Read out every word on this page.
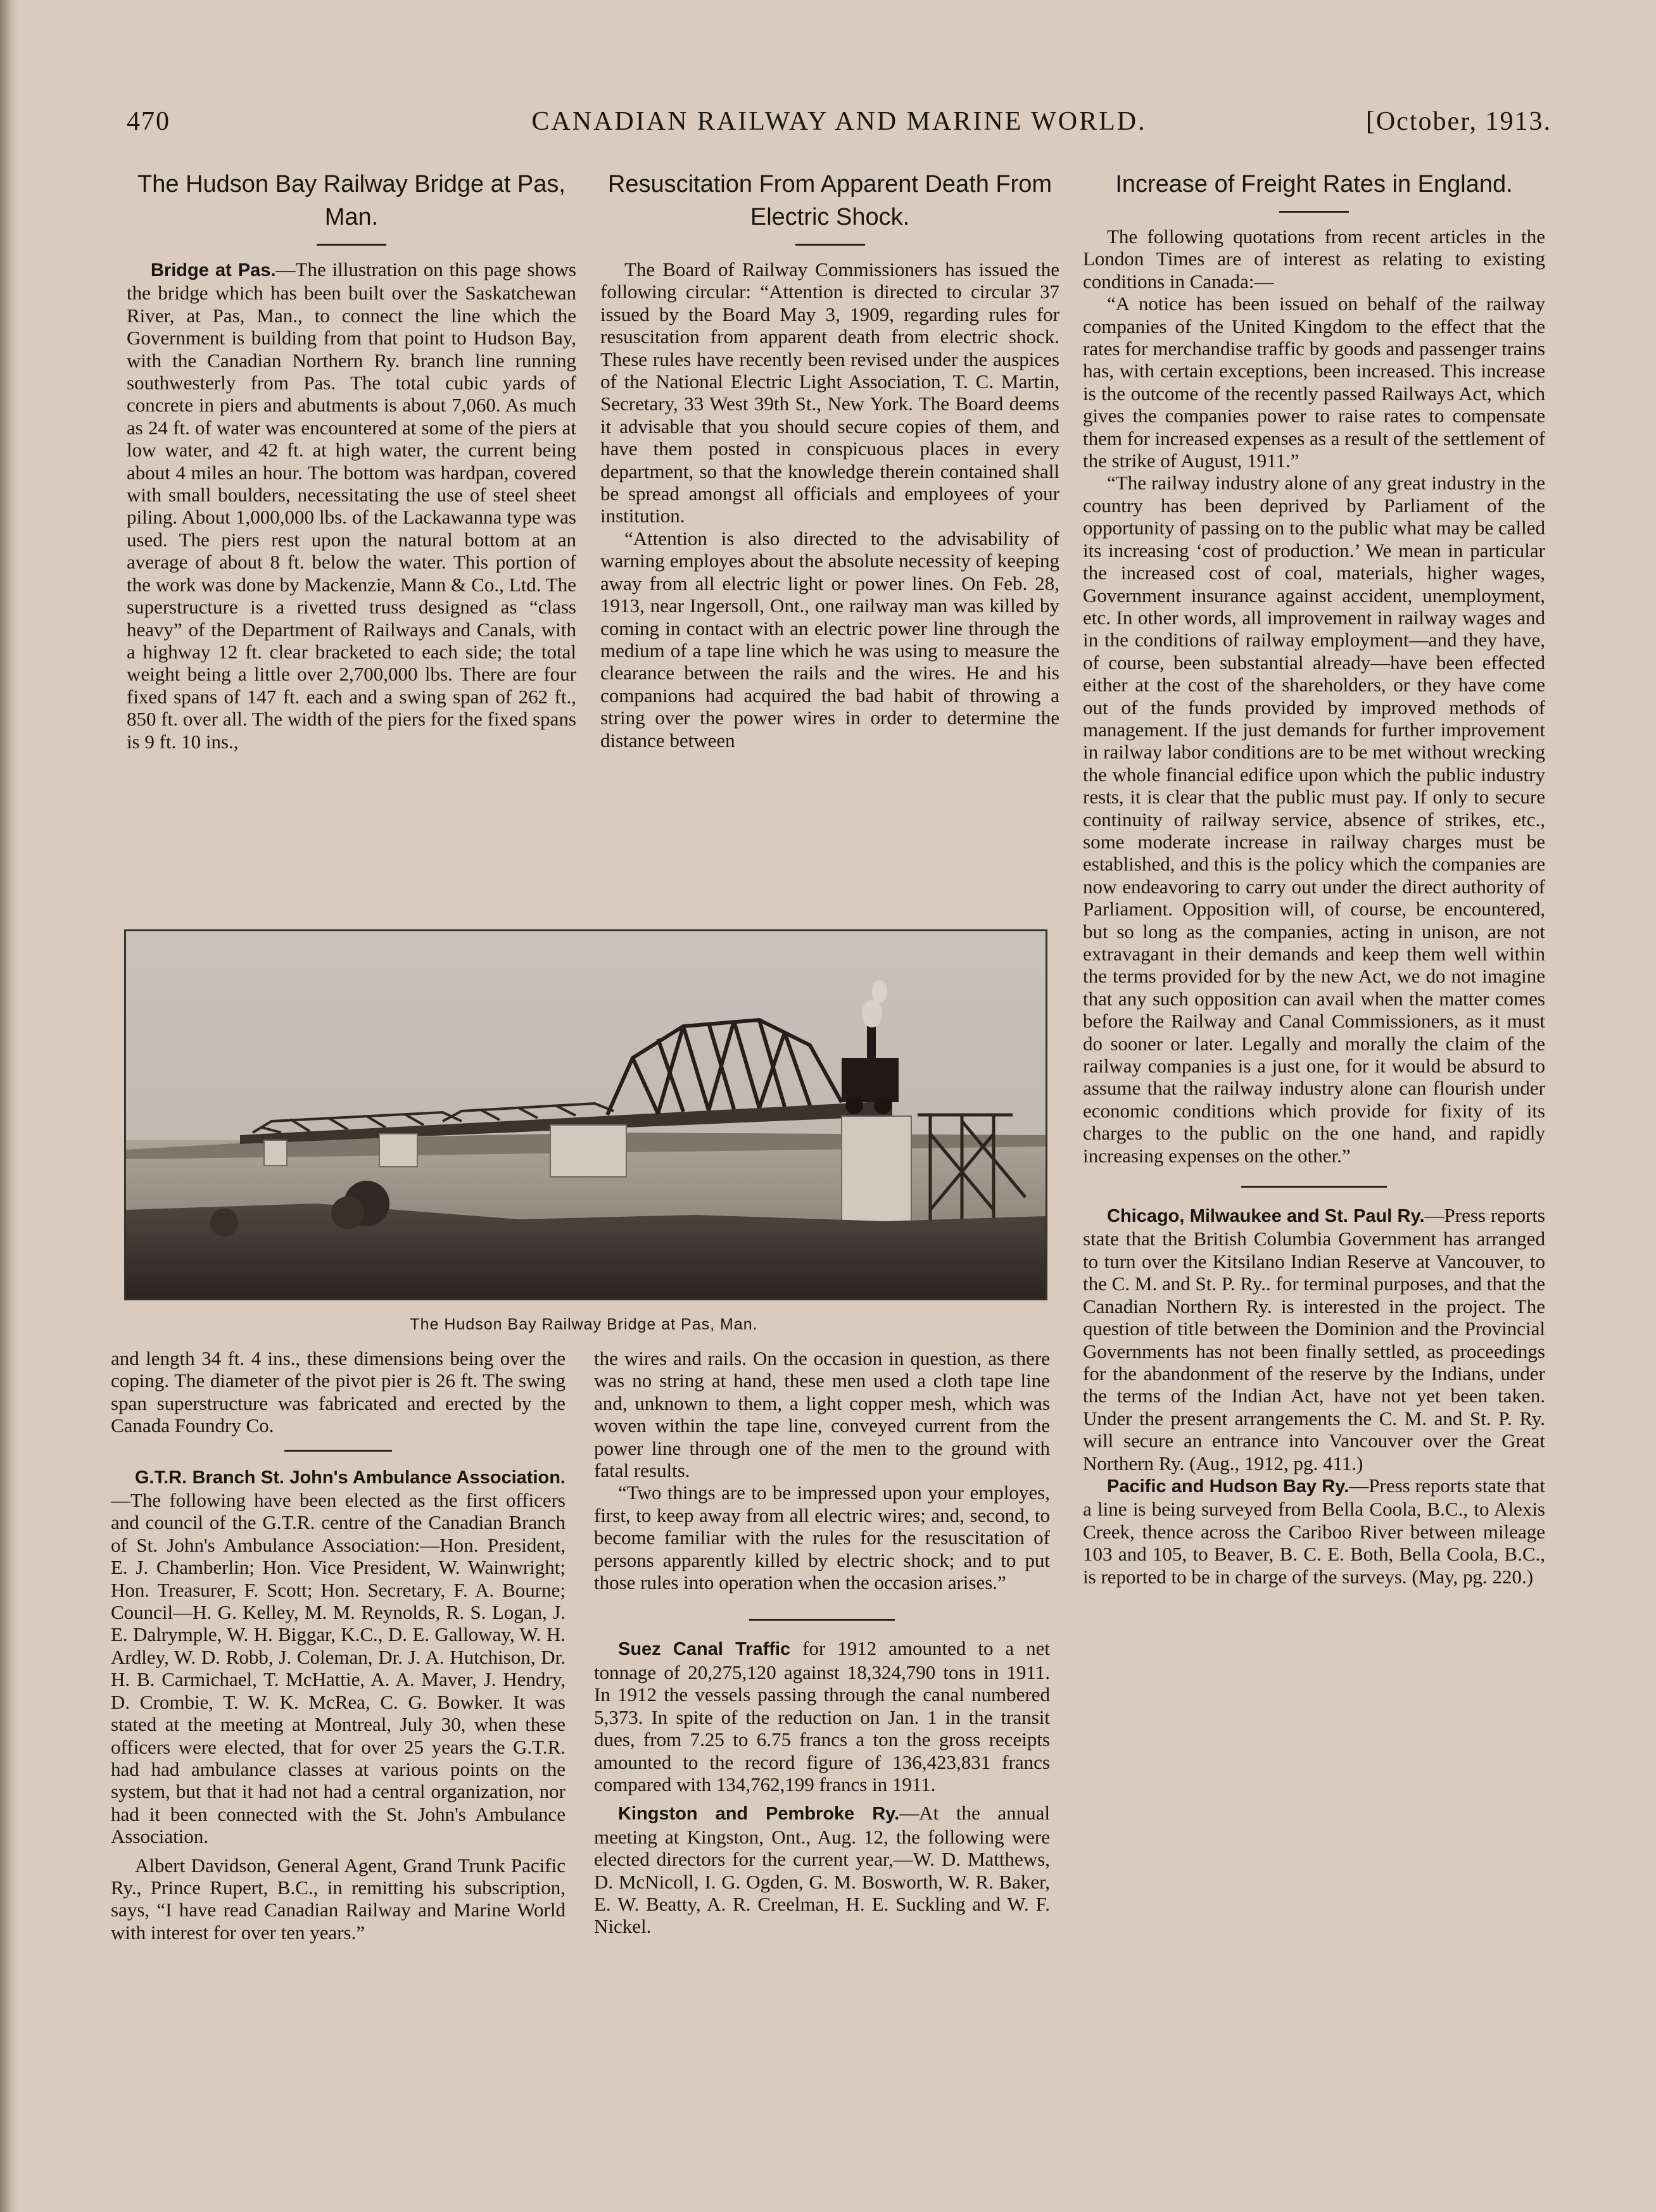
470	CANADIAN RAILWAY AND MARINE WORLD.	[October, 1913.
The Hudson Bay Railway Bridge at Pas, Man.

Bridge at Pas.—The illustration on this page shows the bridge which has been built over the Saskatchewan River, at Pas, Man., to connect the line which the Government is building from that point to Hudson Bay, with the Canadian Northern Ry. branch line running southwesterly from Pas. The total cubic yards of concrete in piers and abutments is about 7,060. As much as 24 ft. of water was encountered at some of the piers at low water, and 42 ft. at high water, the current being about 4 miles an hour. The bottom was hardpan, covered with small boulders, necessitating the use of steel sheet piling. About 1,000,000 lbs. of the Lackawanna type was used. The piers rest upon the natural bottom at an average of about 8 ft. below the water. This portion of the work was done by Mackenzie, Mann & Co., Ltd. The superstructure is a rivetted truss designed as “class heavy” of the Department of Railways and Canals, with a highway 12 ft. clear bracketed to each side; the total weight being a little over 2,700,000 lbs. There are four fixed spans of 147 ft. each and a swing span of 262 ft., 850 ft. over all. The width of the piers for the fixed spans is 9 ft. 10 ins.,

Resuscitation From Apparent Death From Electric Shock.

The Board of Railway Commissioners has issued the following circular: “Attention is directed to circular 37 issued by the Board May 3, 1909, regarding rules for resuscitation from apparent death from electric shock. These rules have recently been revised under the auspices of the National Electric Light Association, T. C. Martin, Secretary, 33 West 39th St., New York. The Board deems it advisable that you should secure copies of them, and have them posted in conspicuous places in every department, so that the knowledge therein contained shall be spread amongst all officials and employees of your institution.

“Attention is also directed to the advisability of warning employes about the absolute necessity of keeping away from all electric light or power lines. On Feb. 28, 1913, near Ingersoll, Ont., one railway man was killed by coming in contact with an electric power line through the medium of a tape line which he was using to measure the clearance between the rails and the wires. He and his companions had acquired the bad habit of throwing a string over the power wires in order to determine the distance between

Increase of Freight Rates in England.

The following quotations from recent articles in the London Times are of interest as relating to existing conditions in Canada:—

“A notice has been issued on behalf of the railway companies of the United Kingdom to the effect that the rates for merchandise traffic by goods and passenger trains has, with certain exceptions, been increased. This increase is the outcome of the recently passed Railways Act, which gives the companies power to raise rates to compensate them for increased expenses as a result of the settlement of the strike of August, 1911.”

“The railway industry alone of any great industry in the country has been deprived by Parliament of the opportunity of passing on to the public what may be called its increasing ‘cost of production.’ We mean in particular the increased cost of coal, materials, higher wages, Government insurance against accident, unemployment, etc. In other words, all improvement in railway wages and in the conditions of railway employment—and they have, of course, been substantial already—have been effected either at the cost of the shareholders, or they have come out of the funds provided by improved methods of management. If the just demands for further improvement in railway labor conditions are to be met without wrecking the whole financial edifice upon which the public industry rests, it is clear that the public must pay. If only to secure continuity of railway service, absence of strikes, etc., some moderate increase in railway charges must be established, and this is the policy which the companies are now endeavoring to carry out under the direct authority of Parliament. Opposition will, of course, be encountered, but so long as the companies, acting in unison, are not extravagant in their demands and keep them well within the terms provided for by the new Act, we do not imagine that any such opposition can avail when the matter comes before the Railway and Canal Commissioners, as it must do sooner or later. Legally and morally the claim of the railway companies is a just one, for it would be absurd to assume that the railway industry alone can flourish under economic conditions which provide for fixity of its charges to the public on the one hand, and rapidly increasing expenses on the other.”

Chicago, Milwaukee and St. Paul Ry.—Press reports state that the British Columbia Government has arranged to turn over the Kitsilano Indian Reserve at Vancouver, to the C. M. and St. P. Ry.. for terminal purposes, and that the Canadian Northern Ry. is interested in the project. The question of title between the Dominion and the Provincial Governments has not been finally settled, as proceedings for the abandonment of the reserve by the Indians, under the terms of the Indian Act, have not yet been taken. Under the present arrangements the C. M. and St. P. Ry. will secure an entrance into Vancouver over the Great Northern Ry. (Aug., 1912, pg. 411.)

Pacific and Hudson Bay Ry.—Press reports state that a line is being surveyed from Bella Coola, B.C., to Alexis Creek, thence across the Cariboo River between mileage 103 and 105, to Beaver, B. C. E. Both, Bella Coola, B.C., is reported to be in charge of the surveys. (May, pg. 220.)

The Hudson Bay Railway Bridge at Pas, Man.

and length 34 ft. 4 ins., these dimensions being over the coping. The diameter of the pivot pier is 26 ft. The swing span superstructure was fabricated and erected by the Canada Foundry Co.

G.T.R. Branch St. John's Ambulance Association.—The following have been elected as the first officers and council of the G.T.R. centre of the Canadian Branch of St. John's Ambulance Association:—Hon. President, E. J. Chamberlin; Hon. Vice President, W. Wainwright; Hon. Treasurer, F. Scott; Hon. Secretary, F. A. Bourne; Council—H. G. Kelley, M. M. Reynolds, R. S. Logan, J. E. Dalrymple, W. H. Biggar, K.C., D. E. Galloway, W. H. Ardley, W. D. Robb, J. Coleman, Dr. J. A. Hutchison, Dr. H. B. Carmichael, T. McHattie, A. A. Maver, J. Hendry, D. Crombie, T. W. K. McRea, C. G. Bowker. It was stated at the meeting at Montreal, July 30, when these officers were elected, that for over 25 years the G.T.R. had had ambulance classes at various points on the system, but that it had not had a central organization, nor had it been connected with the St. John's Ambulance Association.

Albert Davidson, General Agent, Grand Trunk Pacific Ry., Prince Rupert, B.C., in remitting his subscription, says, “I have read Canadian Railway and Marine World with interest for over ten years.”

the wires and rails. On the occasion in question, as there was no string at hand, these men used a cloth tape line and, unknown to them, a light copper mesh, which was woven within the tape line, conveyed current from the power line through one of the men to the ground with fatal results.

“Two things are to be impressed upon your employes, first, to keep away from all electric wires; and, second, to become familiar with the rules for the resuscitation of persons apparently killed by electric shock; and to put those rules into operation when the occasion arises.”

Suez Canal Traffic for 1912 amounted to a net tonnage of 20,275,120 against 18,324,790 tons in 1911. In 1912 the vessels passing through the canal numbered 5,373. In spite of the reduction on Jan. 1 in the transit dues, from 7.25 to 6.75 francs a ton the gross receipts amounted to the record figure of 136,423,831 francs compared with 134,762,199 francs in 1911.

Kingston and Pembroke Ry.—At the annual meeting at Kingston, Ont., Aug. 12, the following were elected directors for the current year,—W. D. Matthews, D. McNicoll, I. G. Ogden, G. M. Bosworth, W. R. Baker, E. W. Beatty, A. R. Creelman, H. E. Suckling and W. F. Nickel.
